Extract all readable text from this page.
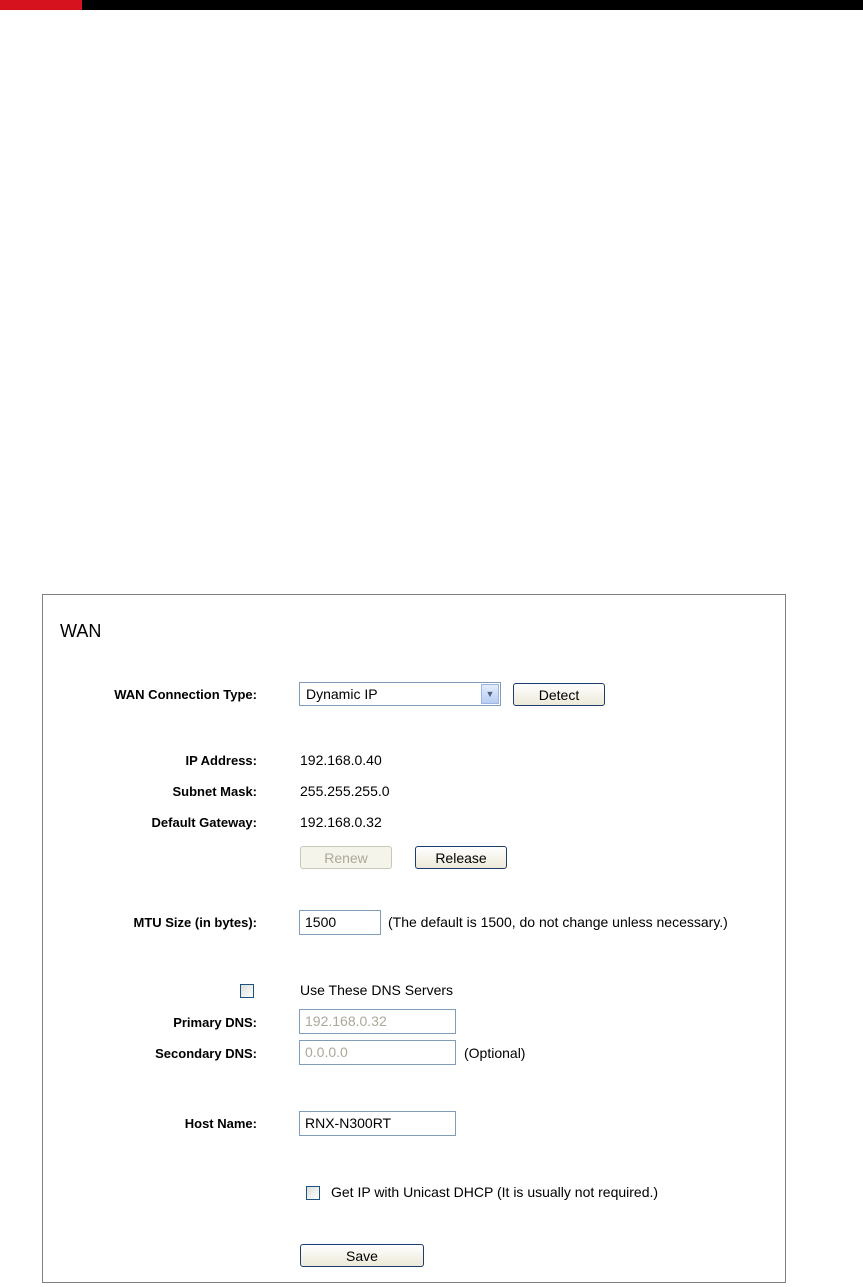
WAN
WAN Connection Type:	Dynamic IP	▼	Detect
IP Address:	192.168.0.40
Subnet Mask:	255.255.255.0
Default Gateway:	192.168.0.32
Renew	Release
MTU Size (in bytes):	1500	(The default is 1500, do not change unless necessary.)
Use These DNS Servers
Primary DNS:	192.168.0.32
Secondary DNS:	0.0.0.0	(Optional)
Host Name:	RNX-N300RT
Get IP with Unicast DHCP (It is usually not required.)
Save
